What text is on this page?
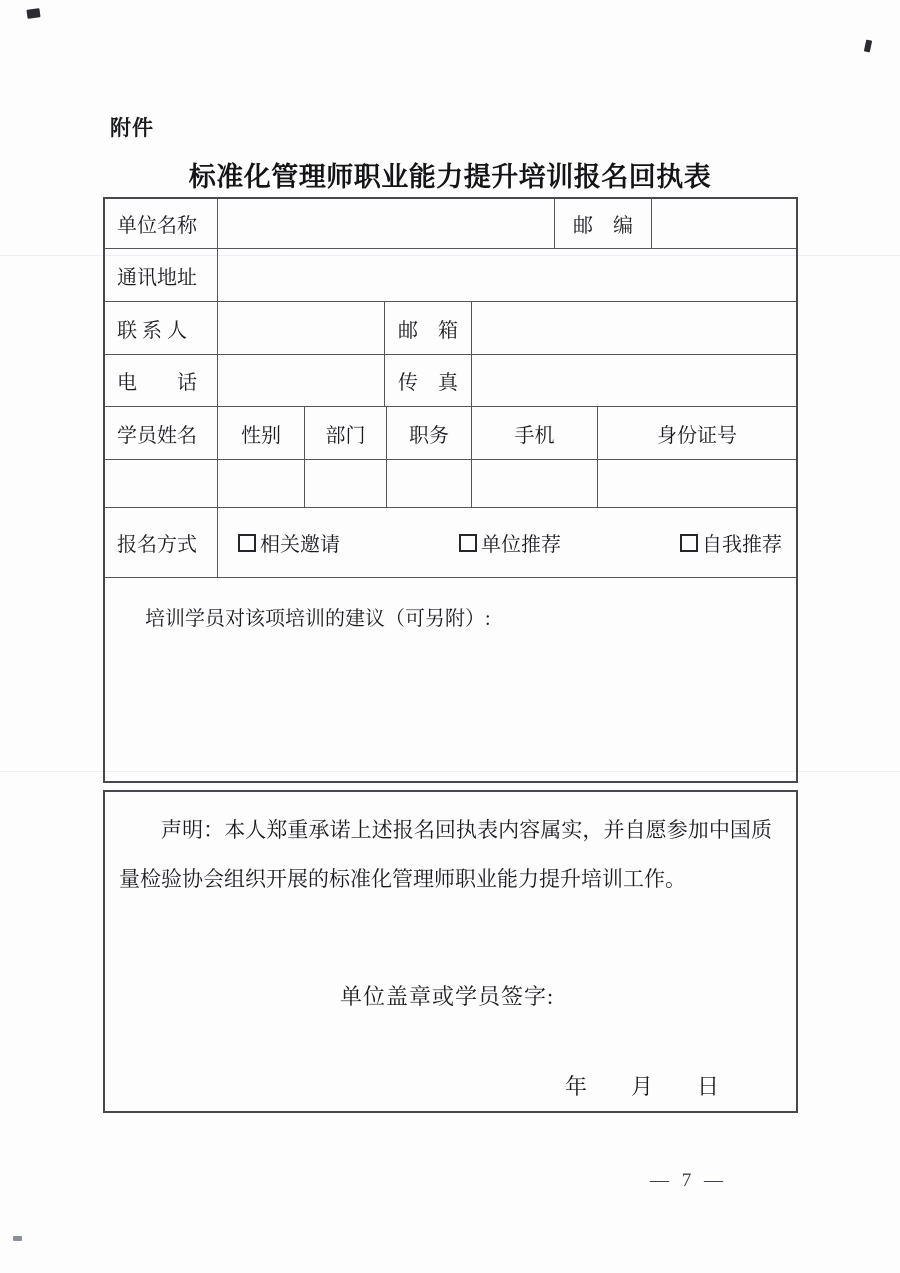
附件
标准化管理师职业能力提升培训报名回执表
单位名称	邮　编
通讯地址
联 系 人	邮　箱
电　　话	传　真
学员姓名	性别	部门	职务	手机	身份证号
报名方式	相关邀请	单位推荐	自我推荐
培训学员对该项培训的建议（可另附）:
声明：本人郑重承诺上述报名回执表内容属实，并自愿参加中国质量检验协会组织开展的标准化管理师职业能力提升培训工作。
单位盖章或学员签字:
年　　月　　日
— 7 —
